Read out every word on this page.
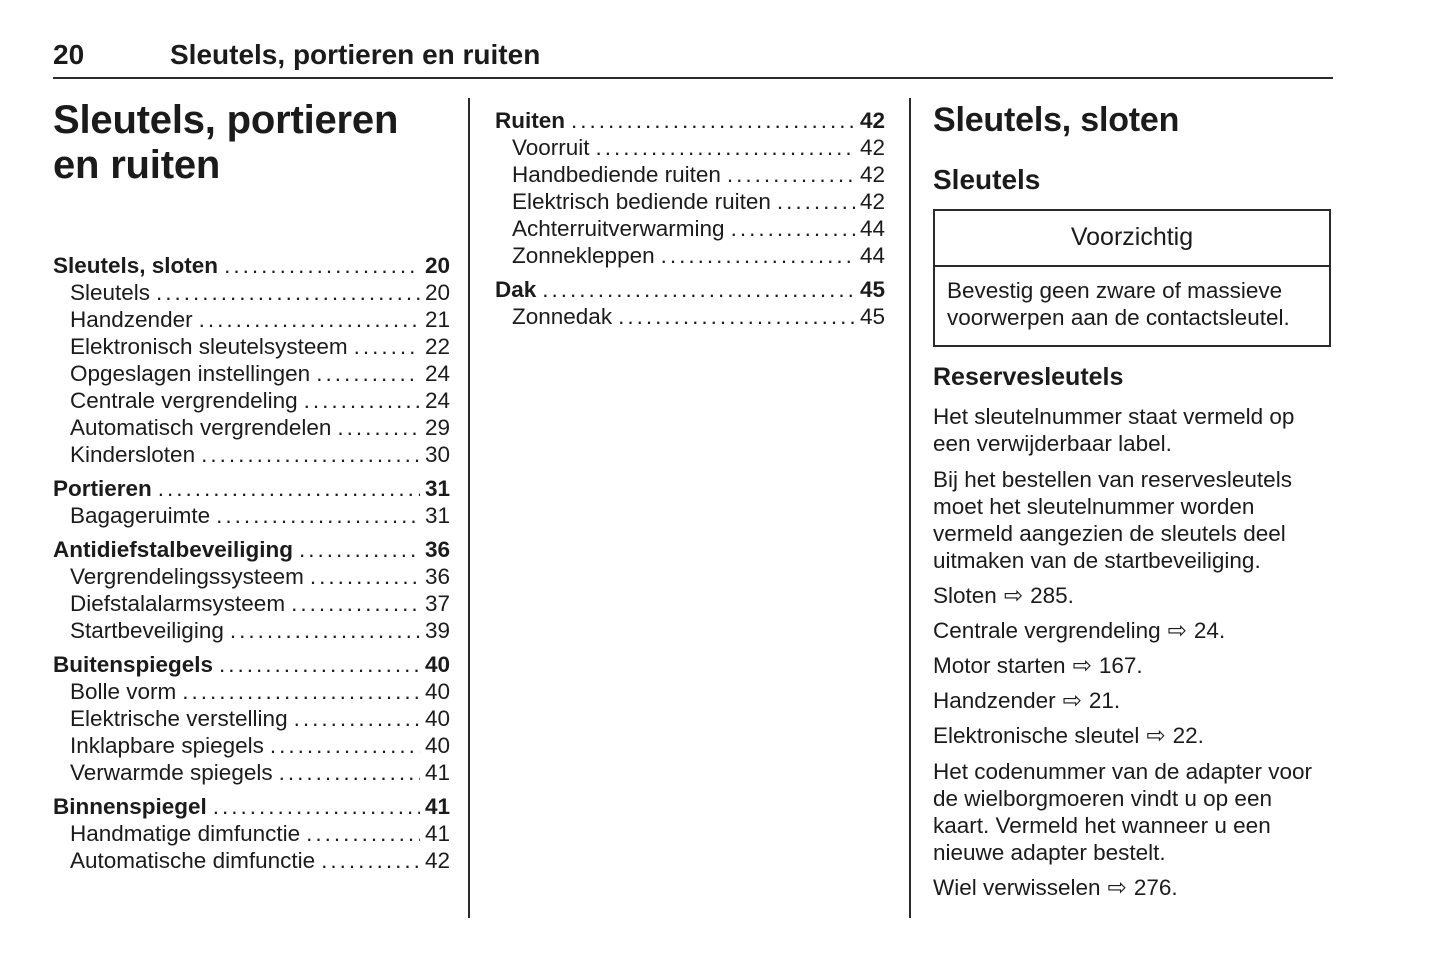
20	Sleutels, portieren en ruiten
Sleutels, portieren
en ruiten
Sleutels, sloten .....	20
Sleutels .....	20
Handzender .....	21
Elektronisch sleutelsysteem .....	22
Opgeslagen instellingen .....	24
Centrale vergrendeling .....	24
Automatisch vergrendelen .....	29
Kindersloten .....	30
Portieren .....	31
Bagageruimte .....	31
Antidiefstalbeveiliging .....	36
Vergrendelingssysteem .....	36
Diefstalalarmsysteem .....	37
Startbeveiliging .....	39
Buitenspiegels .....	40
Bolle vorm .....	40
Elektrische verstelling .....	40
Inklapbare spiegels .....	40
Verwarmde spiegels .....	41
Binnenspiegel .....	41
Handmatige dimfunctie .....	41
Automatische dimfunctie .....	42
Ruiten .....	42
Voorruit .....	42
Handbediende ruiten .....	42
Elektrisch bediende ruiten .....	42
Achterruitverwarming .....	44
Zonnekleppen .....	44
Dak .....	45
Zonnedak .....	45
Sleutels, sloten
Sleutels
Voorzichtig
Bevestig geen zware of massieve voorwerpen aan de contactsleutel.
Reservesleutels

Het sleutelnummer staat vermeld op een verwijderbaar label.

Bij het bestellen van reservesleutels moet het sleutelnummer worden vermeld aangezien de sleutels deel uitmaken van de startbeveiliging.

Sloten ⇨ 285.

Centrale vergrendeling ⇨ 24.

Motor starten ⇨ 167.

Handzender ⇨ 21.

Elektronische sleutel ⇨ 22.

Het codenummer van de adapter voor de wielborgmoeren vindt u op een kaart. Vermeld het wanneer u een nieuwe adapter bestelt.

Wiel verwisselen ⇨ 276.
